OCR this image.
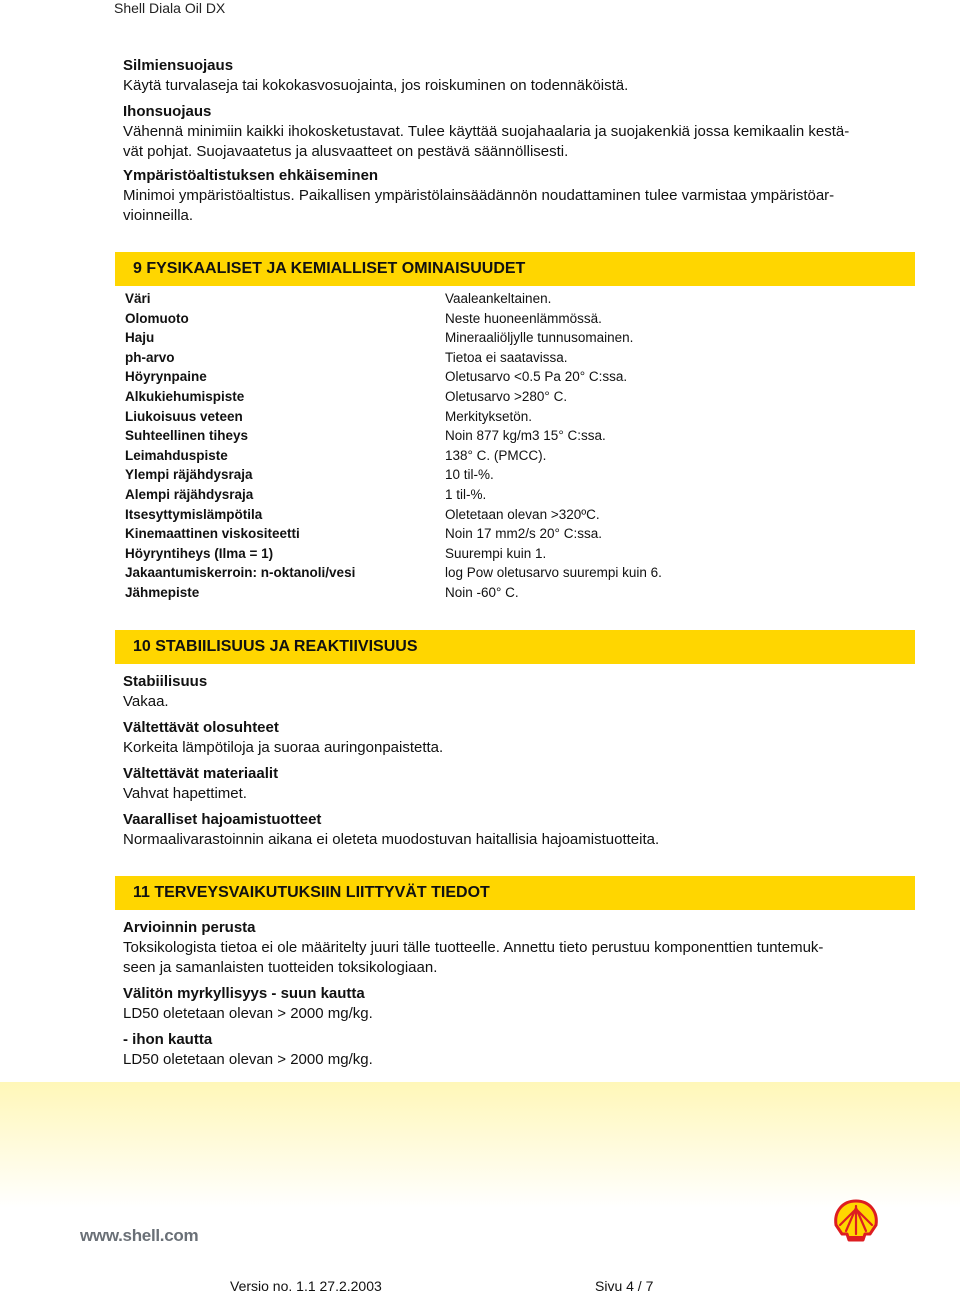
Shell Diala Oil DX
Silmiensuojaus
Käytä turvalaseja tai kokokasvosuojainta, jos roiskuminen on todennäköistä.
Ihonsuojaus
Vähennä minimiin kaikki ihokosketustavat. Tulee käyttää suojahaalaria ja suojakenkiä jossa kemikaalin kestä-
vät pohjat. Suojavaatetus ja alusvaatteet on pestävä säännöllisesti.
Ympäristöaltistuksen ehkäiseminen
Minimoi ympäristöaltistus. Paikallisen ympäristölainsäädännön noudattaminen tulee varmistaa ympäristöar-
vioinneilla.
9 FYSIKAALISET JA KEMIALLISET OMINAISUUDET
Väri	Vaaleankeltainen.
Olomuoto	Neste huoneenlämmössä.
Haju	Mineraaliöljylle tunnusomainen.
ph-arvo	Tietoa ei saatavissa.
Höyrynpaine	Oletusarvo <0.5 Pa 20° C:ssa.
Alkukiehumispiste	Oletusarvo >280° C.
Liukoisuus veteen	Merkityksetön.
Suhteellinen tiheys	Noin 877 kg/m3 15° C:ssa.
Leimahduspiste	138° C. (PMCC).
Ylempi räjähdysraja	10 til-%.
Alempi räjähdysraja	1 til-%.
Itsesyttymislämpötila	Oletetaan olevan >320ºC.
Kinemaattinen viskositeetti	Noin 17 mm2/s 20° C:ssa.
Höyryntiheys (Ilma = 1)	Suurempi kuin 1.
Jakaantumiskerroin: n-oktanoli/vesi	log Pow oletusarvo suurempi kuin 6.
Jähmepiste	Noin -60° C.
10 STABIILISUUS JA REAKTIIVISUUS
Stabiilisuus
Vakaa.
Vältettävät olosuhteet
Korkeita lämpötiloja ja suoraa auringonpaistetta.
Vältettävät materiaalit
Vahvat hapettimet.
Vaaralliset hajoamistuotteet
Normaalivarastoinnin aikana ei oleteta muodostuvan haitallisia hajoamistuotteita.
11 TERVEYSVAIKUTUKSIIN LIITTYVÄT TIEDOT
Arvioinnin perusta
Toksikologista tietoa ei ole määritelty juuri tälle tuotteelle. Annettu tieto perustuu komponenttien tuntemuk-
seen ja samanlaisten tuotteiden toksikologiaan.
Välitön myrkyllisyys - suun kautta
LD50 oletetaan olevan > 2000 mg/kg.
- ihon kautta
LD50 oletetaan olevan > 2000 mg/kg.
www.shell.com
Versio no. 1.1 27.2.2003	Sivu 4 / 7
